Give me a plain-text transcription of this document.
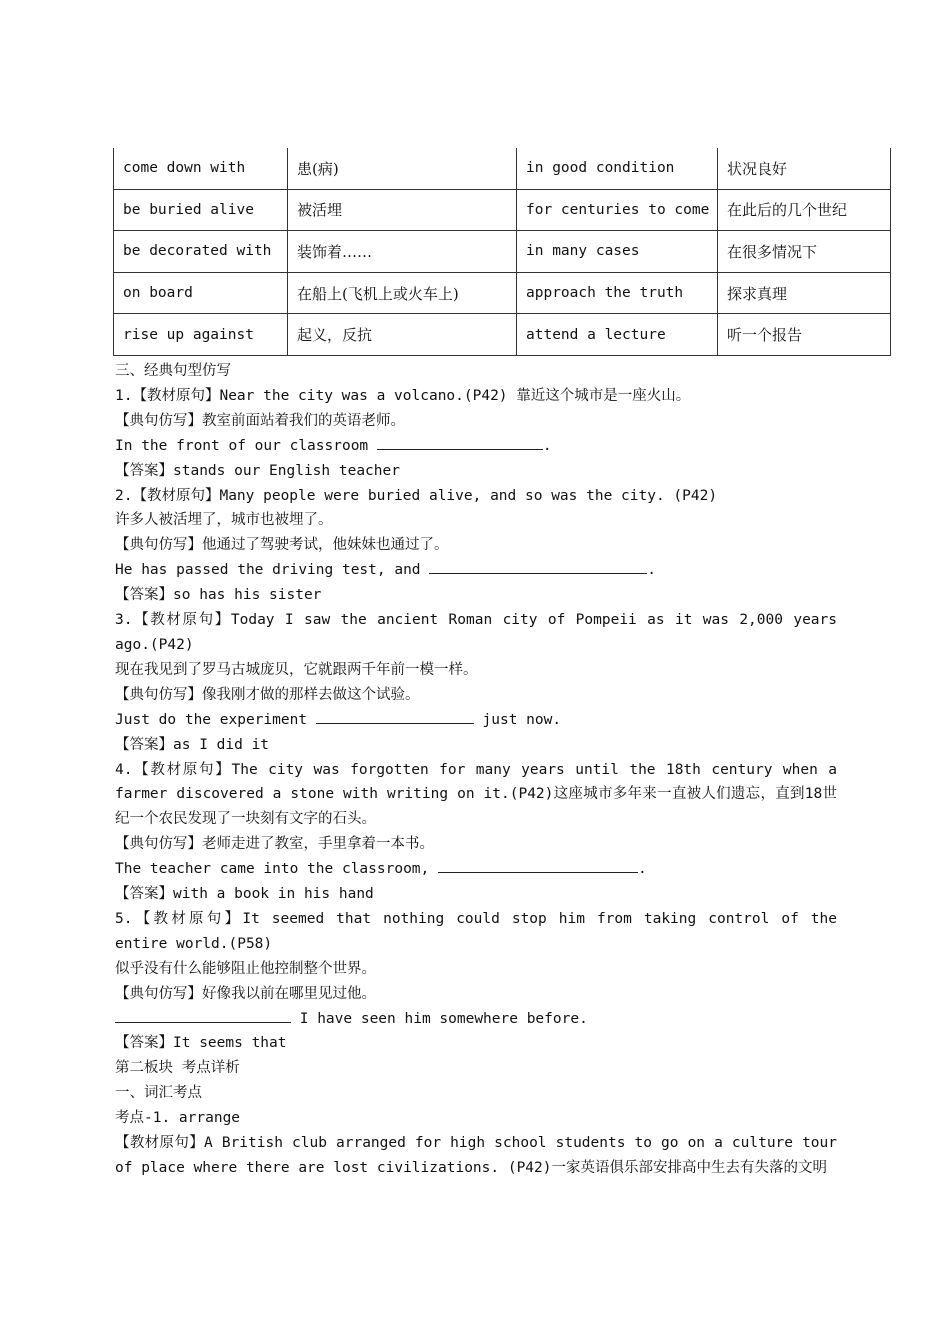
come down with	患(病)	in good condition	状况良好
be buried alive	被活埋	for centuries to come	在此后的几个世纪
be decorated with	装饰着……	in many cases	在很多情况下
on board	在船上(飞机上或火车上)	approach the truth	探求真理
rise up against	起义，反抗	attend a lecture	听一个报告
三、经典句型仿写
1.【教材原句】Near the city was a volcano.(P42) 靠近这个城市是一座火山。
【典句仿写】教室前面站着我们的英语老师。
In the front of our classroom	.
【答案】stands our English teacher
2.【教材原句】Many people were buried alive, and so was the city. (P42)
许多人被活埋了，城市也被埋了。
【典句仿写】他通过了驾驶考试，他妹妹也通过了。
He has passed the driving test, and	.
【答案】so has his sister
3.【教材原句】Today I saw the ancient Roman city of Pompeii as it was 2,000 years ago.(P42)
现在我见到了罗马古城庞贝，它就跟两千年前一模一样。
【典句仿写】像我刚才做的那样去做这个试验。
Just do the experiment	just now.
【答案】as I did it
4.【教材原句】The city was forgotten for many years until the 18th century when a farmer discovered a stone with writing on it.(P42)这座城市多年来一直被人们遗忘，直到18世纪一个农民发现了一块刻有文字的石头。
【典句仿写】老师走进了教室，手里拿着一本书。
The teacher came into the classroom,	.
【答案】with a book in his hand
5.【教材原句】It seemed that nothing could stop him from taking control of the entire world.(P58)
似乎没有什么能够阻止他控制整个世界。
【典句仿写】好像我以前在哪里见过他。
I have seen him somewhere before.
【答案】It seems that
第二板块 考点详析
一、词汇考点
考点-1. arrange
【教材原句】A British club arranged for high school students to go on a culture tour of place where there are lost civilizations. (P42)一家英语俱乐部安排高中生去有失落的文明
